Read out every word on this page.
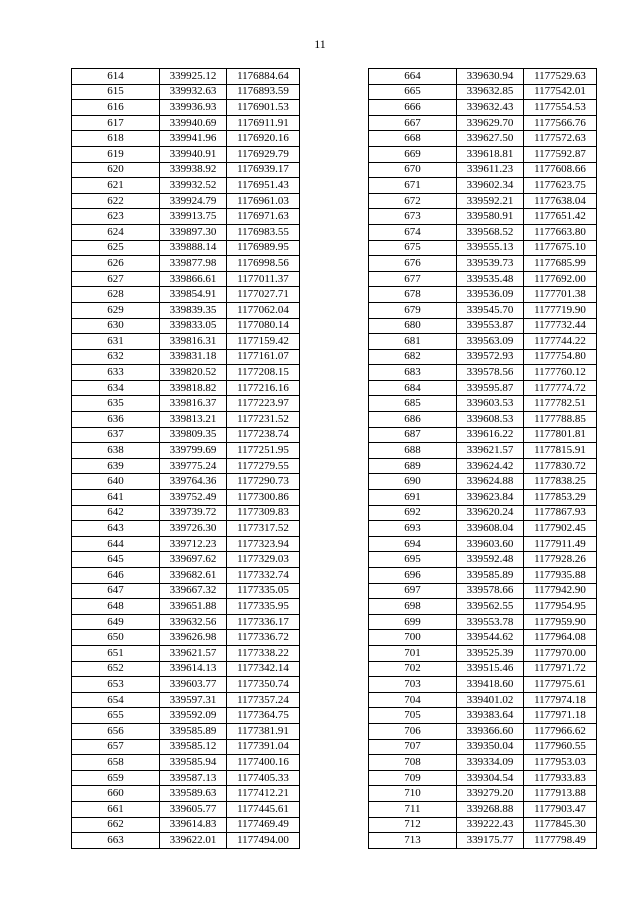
11
614	339925.12	1176884.64
615	339932.63	1176893.59
616	339936.93	1176901.53
617	339940.69	1176911.91
618	339941.96	1176920.16
619	339940.91	1176929.79
620	339938.92	1176939.17
621	339932.52	1176951.43
622	339924.79	1176961.03
623	339913.75	1176971.63
624	339897.30	1176983.55
625	339888.14	1176989.95
626	339877.98	1176998.56
627	339866.61	1177011.37
628	339854.91	1177027.71
629	339839.35	1177062.04
630	339833.05	1177080.14
631	339816.31	1177159.42
632	339831.18	1177161.07
633	339820.52	1177208.15
634	339818.82	1177216.16
635	339816.37	1177223.97
636	339813.21	1177231.52
637	339809.35	1177238.74
638	339799.69	1177251.95
639	339775.24	1177279.55
640	339764.36	1177290.73
641	339752.49	1177300.86
642	339739.72	1177309.83
643	339726.30	1177317.52
644	339712.23	1177323.94
645	339697.62	1177329.03
646	339682.61	1177332.74
647	339667.32	1177335.05
648	339651.88	1177335.95
649	339632.56	1177336.17
650	339626.98	1177336.72
651	339621.57	1177338.22
652	339614.13	1177342.14
653	339603.77	1177350.74
654	339597.31	1177357.24
655	339592.09	1177364.75
656	339585.89	1177381.91
657	339585.12	1177391.04
658	339585.94	1177400.16
659	339587.13	1177405.33
660	339589.63	1177412.21
661	339605.77	1177445.61
662	339614.83	1177469.49
663	339622.01	1177494.00
664	339630.94	1177529.63
665	339632.85	1177542.01
666	339632.43	1177554.53
667	339629.70	1177566.76
668	339627.50	1177572.63
669	339618.81	1177592.87
670	339611.23	1177608.66
671	339602.34	1177623.75
672	339592.21	1177638.04
673	339580.91	1177651.42
674	339568.52	1177663.80
675	339555.13	1177675.10
676	339539.73	1177685.99
677	339535.48	1177692.00
678	339536.09	1177701.38
679	339545.70	1177719.90
680	339553.87	1177732.44
681	339563.09	1177744.22
682	339572.93	1177754.80
683	339578.56	1177760.12
684	339595.87	1177774.72
685	339603.53	1177782.51
686	339608.53	1177788.85
687	339616.22	1177801.81
688	339621.57	1177815.91
689	339624.42	1177830.72
690	339624.88	1177838.25
691	339623.84	1177853.29
692	339620.24	1177867.93
693	339608.04	1177902.45
694	339603.60	1177911.49
695	339592.48	1177928.26
696	339585.89	1177935.88
697	339578.66	1177942.90
698	339562.55	1177954.95
699	339553.78	1177959.90
700	339544.62	1177964.08
701	339525.39	1177970.00
702	339515.46	1177971.72
703	339418.60	1177975.61
704	339401.02	1177974.18
705	339383.64	1177971.18
706	339366.60	1177966.62
707	339350.04	1177960.55
708	339334.09	1177953.03
709	339304.54	1177933.83
710	339279.20	1177913.88
711	339268.88	1177903.47
712	339222.43	1177845.30
713	339175.77	1177798.49
